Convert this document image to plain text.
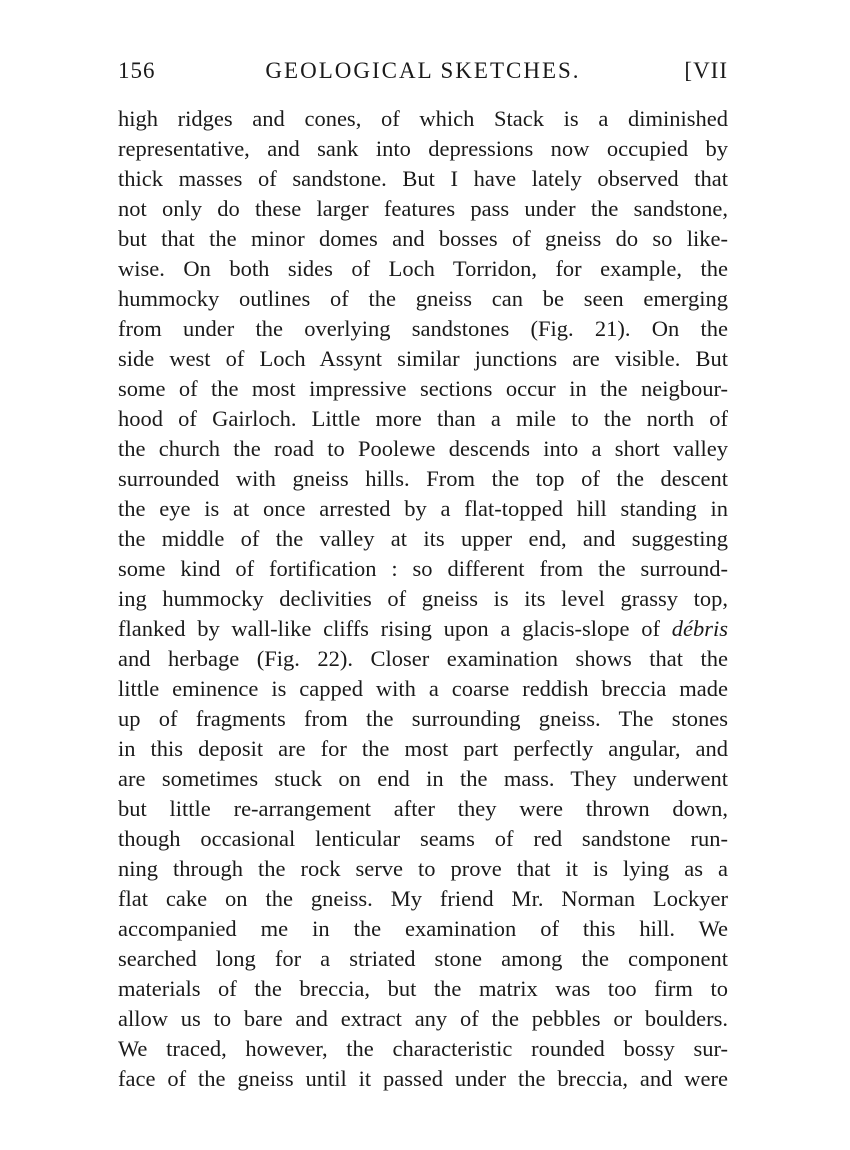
156	GEOLOGICAL SKETCHES.	[VII
high ridges and cones, of which Stack is a diminished
representative, and sank into depressions now occupied by
thick masses of sandstone. But I have lately observed that
not only do these larger features pass under the sandstone,
but that the minor domes and bosses of gneiss do so like-
wise. On both sides of Loch Torridon, for example, the
hummocky outlines of the gneiss can be seen emerging
from under the overlying sandstones (Fig. 21). On the
side west of Loch Assynt similar junctions are visible. But
some of the most impressive sections occur in the neigbour-
hood of Gairloch. Little more than a mile to the north of
the church the road to Poolewe descends into a short valley
surrounded with gneiss hills. From the top of the descent
the eye is at once arrested by a flat-topped hill standing in
the middle of the valley at its upper end, and suggesting
some kind of fortification : so different from the surround-
ing hummocky declivities of gneiss is its level grassy top,
flanked by wall-like cliffs rising upon a glacis-slope of débris
and herbage (Fig. 22). Closer examination shows that the
little eminence is capped with a coarse reddish breccia made
up of fragments from the surrounding gneiss. The stones
in this deposit are for the most part perfectly angular, and
are sometimes stuck on end in the mass. They underwent
but little re-arrangement after they were thrown down,
though occasional lenticular seams of red sandstone run-
ning through the rock serve to prove that it is lying as a
flat cake on the gneiss. My friend Mr. Norman Lockyer
accompanied me in the examination of this hill. We
searched long for a striated stone among the component
materials of the breccia, but the matrix was too firm to
allow us to bare and extract any of the pebbles or boulders.
We traced, however, the characteristic rounded bossy sur-
face of the gneiss until it passed under the breccia, and were
